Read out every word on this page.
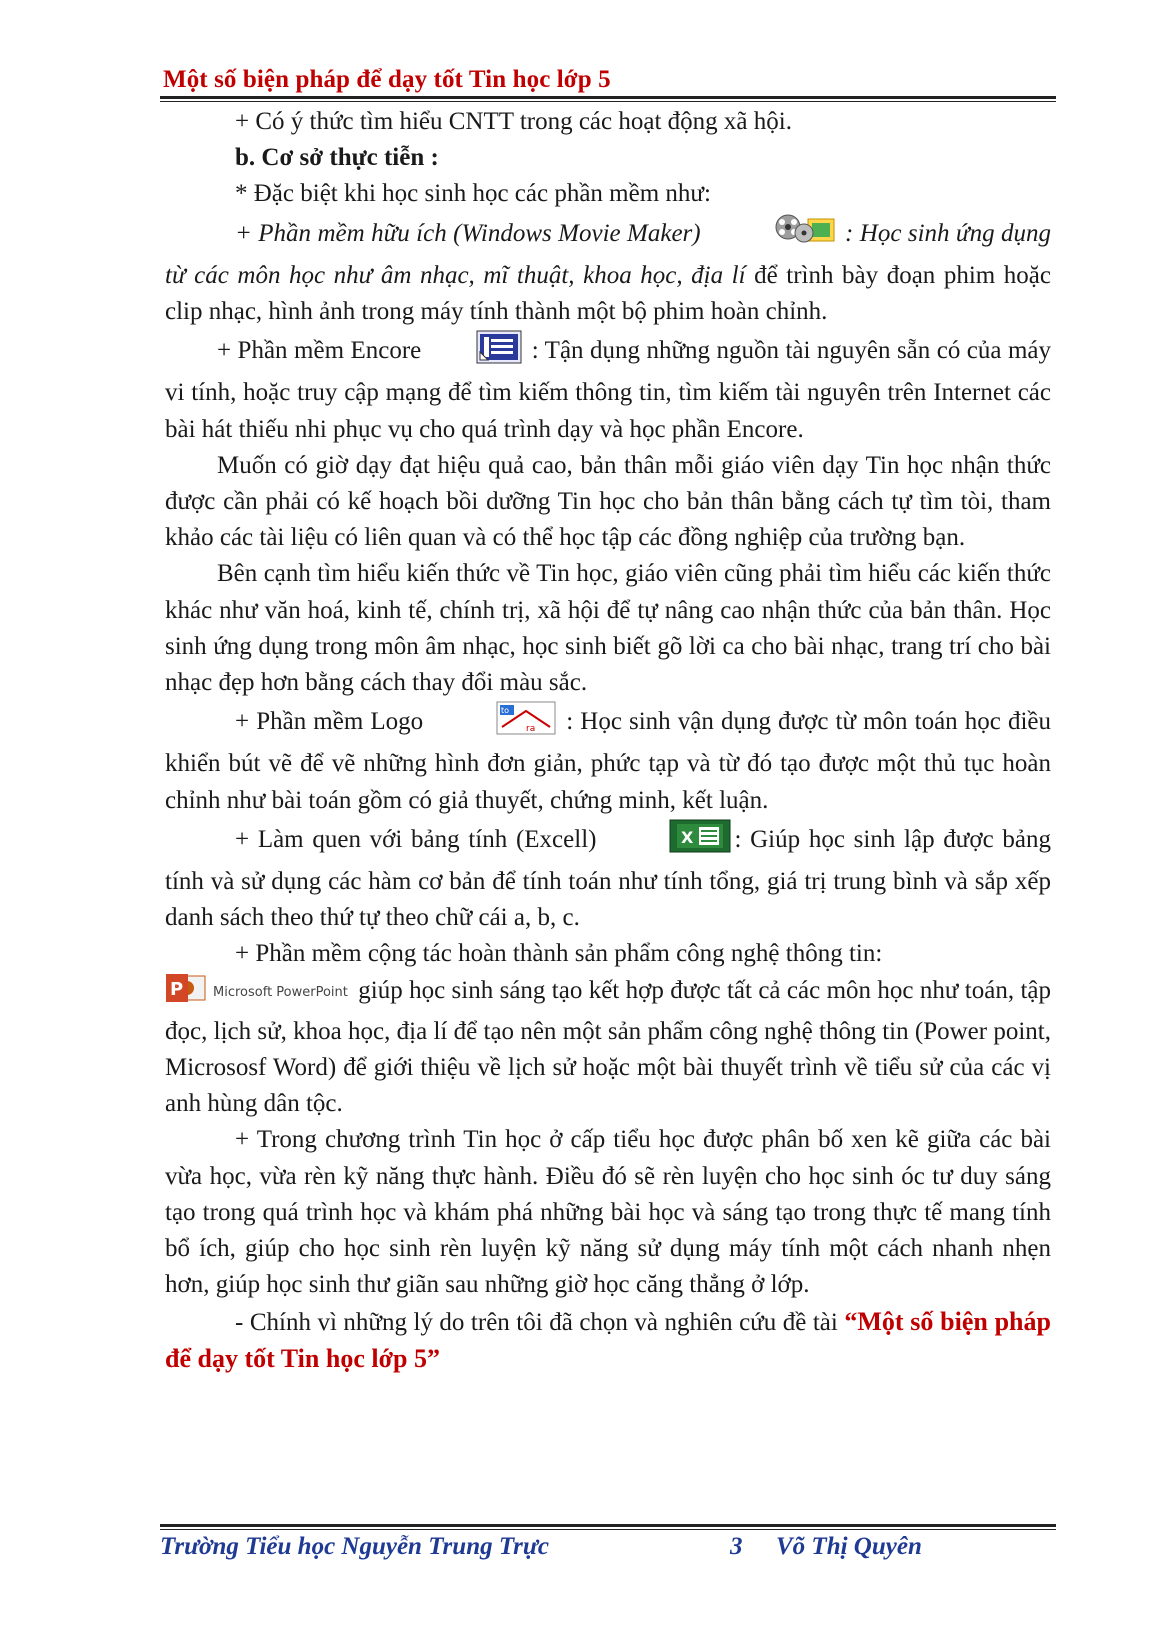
Một số biện pháp để dạy tốt Tin học lớp 5

+ Có ý thức tìm hiểu CNTT trong các hoạt động xã hội.

b. Cơ sở thực tiễn :

* Đặc biệt khi học sinh học các phần mềm như:

+ Phần mềm hữu ích (Windows Movie Maker)	: Học sinh ứng dụng từ các môn học như âm nhạc, mĩ thuật, khoa học, địa lí để trình bày đoạn phim hoặc clip nhạc, hình ảnh trong máy tính thành một bộ phim hoàn chỉnh.

+ Phần mềm Encore	: Tận dụng những nguồn tài nguyên sẵn có của máy vi tính, hoặc truy cập mạng để tìm kiếm thông tin, tìm kiếm tài nguyên trên Internet các bài hát thiếu nhi phục vụ cho quá trình dạy và học phần Encore.

Muốn có giờ dạy đạt hiệu quả cao, bản thân mỗi giáo viên dạy Tin học nhận thức được cần phải có kế hoạch bồi dưỡng Tin học cho bản thân bằng cách tự tìm tòi, tham khảo các tài liệu có liên quan và có thể học tập các đồng nghiệp của trường bạn.

Bên cạnh tìm hiểu kiến thức về Tin học, giáo viên cũng phải tìm hiểu các kiến thức khác như văn hoá, kinh tế, chính trị, xã hội để tự nâng cao nhận thức của bản thân. Học sinh ứng dụng trong môn âm nhạc, học sinh biết gõ lời ca cho bài nhạc, trang trí cho bài nhạc đẹp hơn bằng cách thay đổi màu sắc.

+ Phần mềm Logo	to
ra : Học sinh vận dụng được từ môn toán học điều khiển bút vẽ để vẽ những hình đơn giản, phức tạp và từ đó tạo được một thủ tục hoàn chỉnh như bài toán gồm có giả thuyết, chứng minh, kết luận.

+ Làm quen với bảng tính (Excell)	X : Giúp học sinh lập được bảng tính và sử dụng các hàm cơ bản để tính toán như tính tổng, giá trị trung bình và sắp xếp danh sách theo thứ tự theo chữ cái a, b, c.

+ Phần mềm cộng tác hoàn thành sản phẩm công nghệ thông tin:

P Microsoft PowerPoint giúp học sinh sáng tạo kết hợp được tất cả các môn học như toán, tập đọc, lịch sử, khoa học, địa lí để tạo nên một sản phẩm công nghệ thông tin (Power point, Micrososf Word) để giới thiệu về lịch sử hoặc một bài thuyết trình về tiểu sử của các vị anh hùng dân tộc.

+ Trong chương trình Tin học ở cấp tiểu học được phân bố xen kẽ giữa các bài vừa học, vừa rèn kỹ năng thực hành. Điều đó sẽ rèn luyện cho học sinh óc tư duy sáng tạo trong quá trình học và khám phá những bài học và sáng tạo trong thực tế mang tính bổ ích, giúp cho học sinh rèn luyện kỹ năng sử dụng máy tính một cách nhanh nhẹn hơn, giúp học sinh thư giãn sau những giờ học căng thẳng ở lớp.

- Chính vì những lý do trên tôi đã chọn và nghiên cứu đề tài “Một số biện pháp để dạy tốt Tin học lớp 5”

Trường Tiểu học Nguyễn Trung Trực	3 Võ Thị Quyên
